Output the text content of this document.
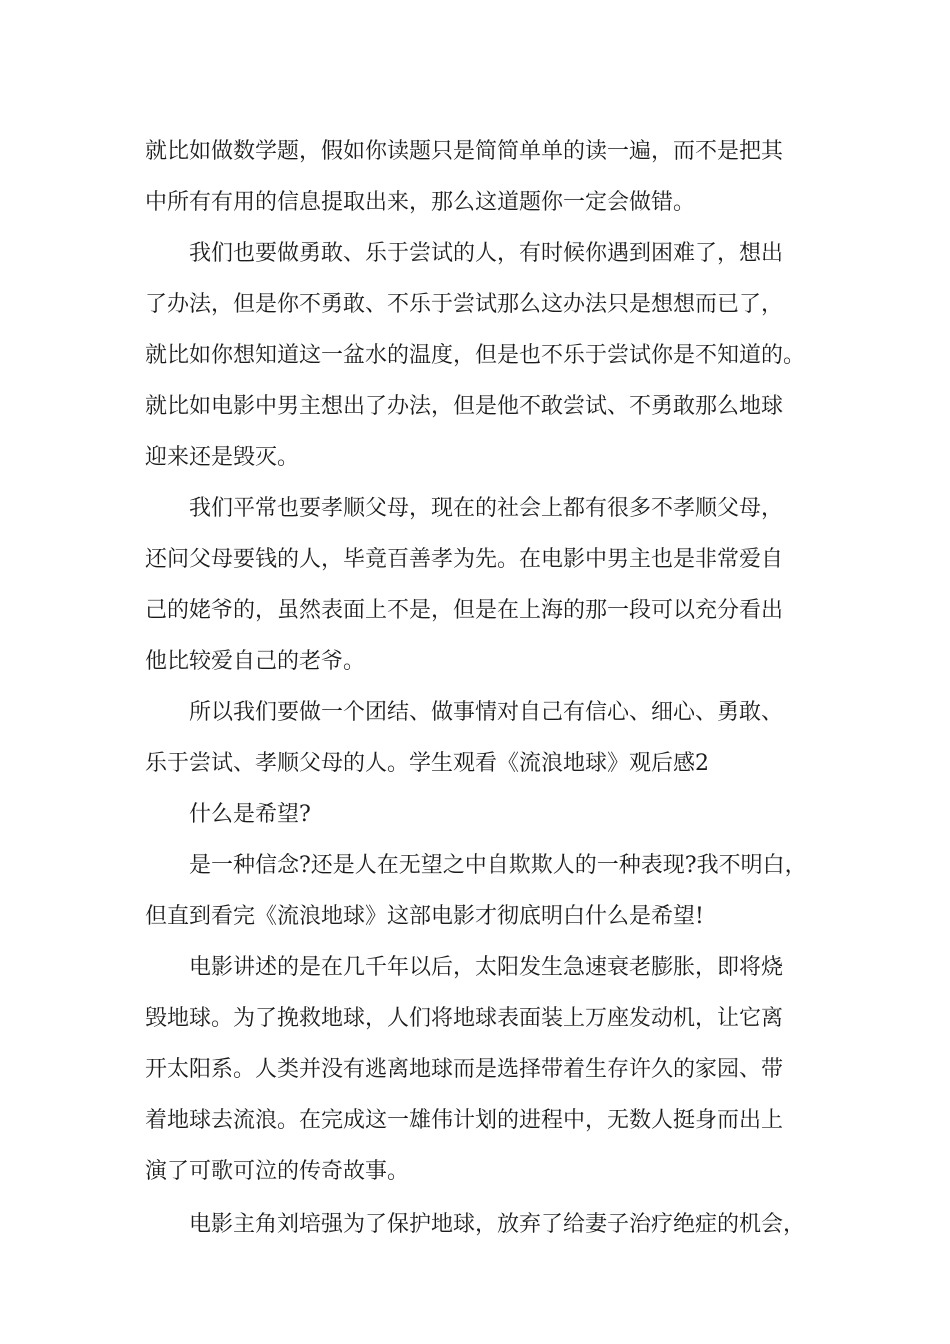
就比如做数学题，假如你读题只是简简单单的读一遍，而不是把其
中所有有用的信息提取出来，那么这道题你一定会做错。
我们也要做勇敢、乐于尝试的人，有时候你遇到困难了，想出
了办法，但是你不勇敢、不乐于尝试那么这办法只是想想而已了，
就比如你想知道这一盆水的温度，但是也不乐于尝试你是不知道的。
就比如电影中男主想出了办法，但是他不敢尝试、不勇敢那么地球
迎来还是毁灭。
我们平常也要孝顺父母，现在的社会上都有很多不孝顺父母，
还问父母要钱的人，毕竟百善孝为先。在电影中男主也是非常爱自
己的姥爷的，虽然表面上不是，但是在上海的那一段可以充分看出
他比较爱自己的老爷。
所以我们要做一个团结、做事情对自己有信心、细心、勇敢、
乐于尝试、孝顺父母的人。学生观看《流浪地球》观后感2
什么是希望?
是一种信念?还是人在无望之中自欺欺人的一种表现?我不明白，
但直到看完《流浪地球》这部电影才彻底明白什么是希望!
电影讲述的是在几千年以后，太阳发生急速衰老膨胀，即将烧
毁地球。为了挽救地球，人们将地球表面装上万座发动机，让它离
开太阳系。人类并没有逃离地球而是选择带着生存许久的家园、带
着地球去流浪。在完成这一雄伟计划的进程中，无数人挺身而出上
演了可歌可泣的传奇故事。
电影主角刘培强为了保护地球，放弃了给妻子治疗绝症的机会，
